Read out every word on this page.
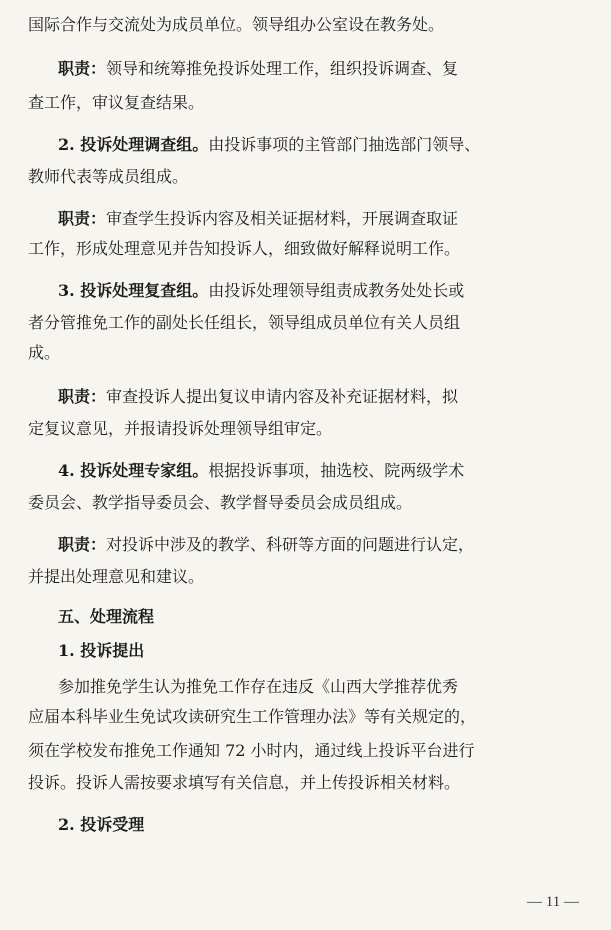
国际合作与交流处为成员单位。领导组办公室设在教务处。
职责：领导和统筹推免投诉处理工作，组织投诉调查、复
查工作，审议复查结果。
2. 投诉处理调查组。由投诉事项的主管部门抽选部门领导、
教师代表等成员组成。
职责：审查学生投诉内容及相关证据材料，开展调查取证
工作，形成处理意见并告知投诉人，细致做好解释说明工作。
3. 投诉处理复查组。由投诉处理领导组责成教务处处长或
者分管推免工作的副处长任组长，领导组成员单位有关人员组
成。
职责：审查投诉人提出复议申请内容及补充证据材料，拟
定复议意见，并报请投诉处理领导组审定。
4. 投诉处理专家组。根据投诉事项，抽选校、院两级学术
委员会、教学指导委员会、教学督导委员会成员组成。
职责：对投诉中涉及的教学、科研等方面的问题进行认定，
并提出处理意见和建议。
五、处理流程
1. 投诉提出
参加推免学生认为推免工作存在违反《山西大学推荐优秀
应届本科毕业生免试攻读研究生工作管理办法》等有关规定的，
须在学校发布推免工作通知 72 小时内，通过线上投诉平台进行
投诉。投诉人需按要求填写有关信息，并上传投诉相关材料。
2. 投诉受理
— 11 —
